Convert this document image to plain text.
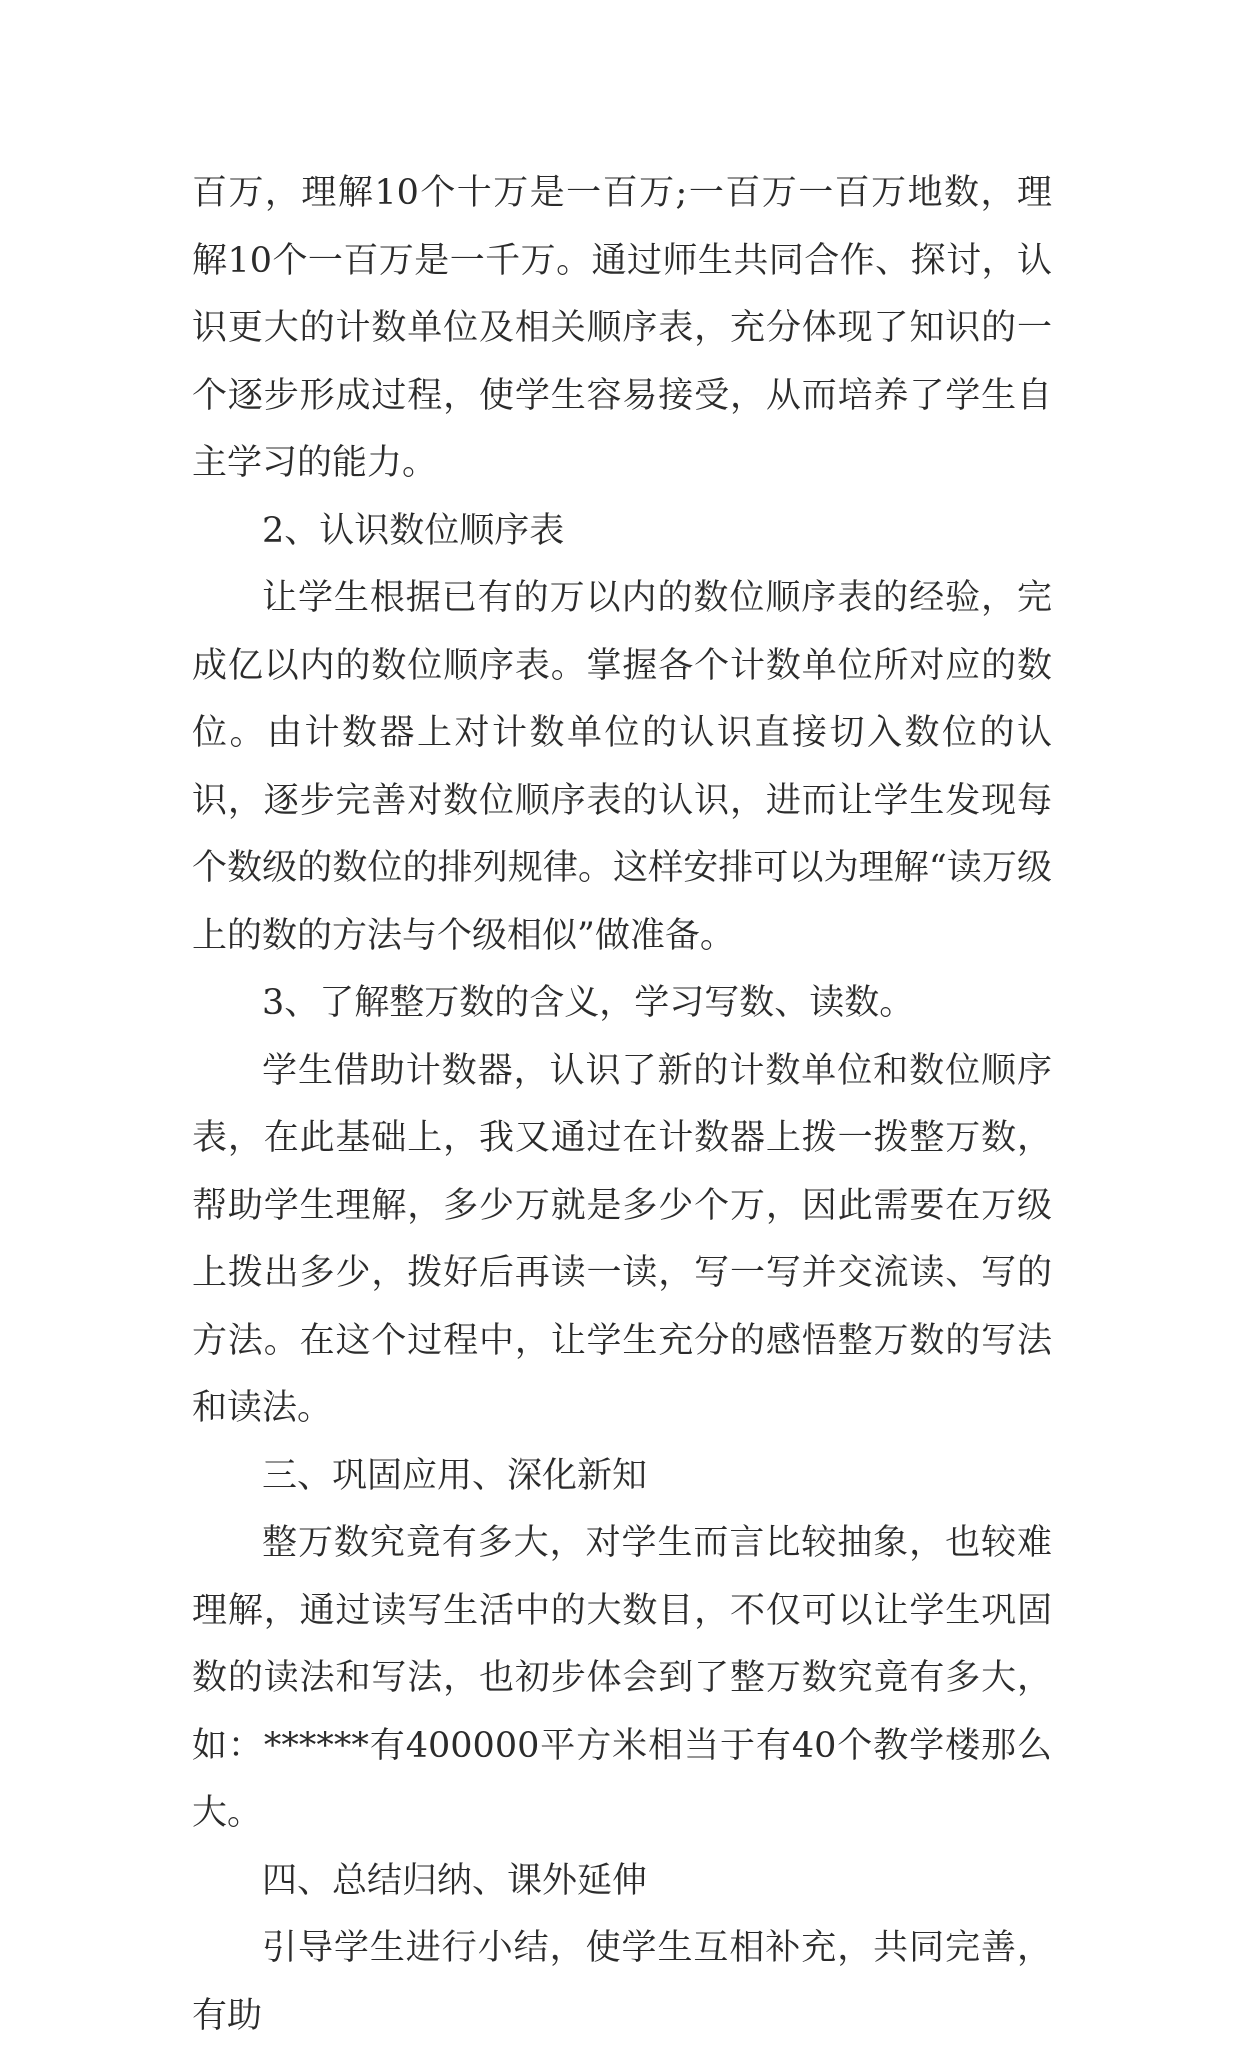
百万，理解10个十万是一百万;一百万一百万地数，理解10个一百万是一千万。通过师生共同合作、探讨，认识更大的计数单位及相关顺序表，充分体现了知识的一个逐步形成过程，使学生容易接受，从而培养了学生自主学习的能力。

2、认识数位顺序表

让学生根据已有的万以内的数位顺序表的经验，完成亿以内的数位顺序表。掌握各个计数单位所对应的数位。由计数器上对计数单位的认识直接切入数位的认识，逐步完善对数位顺序表的认识，进而让学生发现每个数级的数位的排列规律。这样安排可以为理解“读万级上的数的方法与个级相似”做准备。

3、了解整万数的含义，学习写数、读数。

学生借助计数器，认识了新的计数单位和数位顺序表，在此基础上，我又通过在计数器上拨一拨整万数，帮助学生理解，多少万就是多少个万，因此需要在万级上拨出多少，拨好后再读一读，写一写并交流读、写的方法。在这个过程中，让学生充分的感悟整万数的写法和读法。

三、巩固应用、深化新知

整万数究竟有多大，对学生而言比较抽象，也较难理解，通过读写生活中的大数目，不仅可以让学生巩固数的读法和写法，也初步体会到了整万数究竟有多大，如：******有400000平方米相当于有40个教学楼那么大。

四、总结归纳、课外延伸

引导学生进行小结，使学生互相补充，共同完善，有助
